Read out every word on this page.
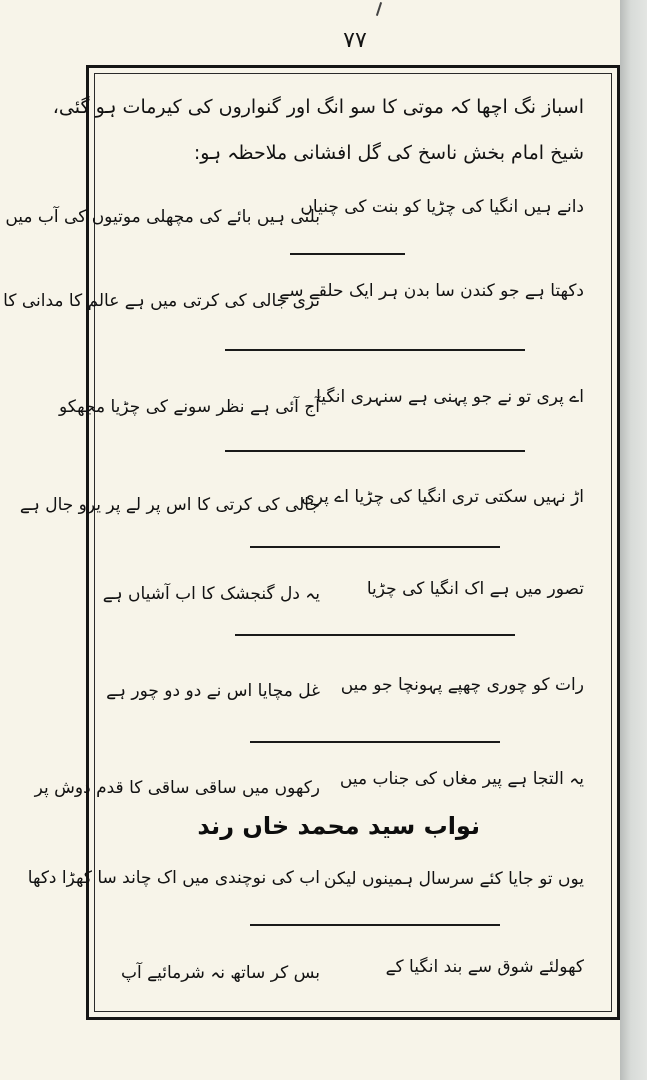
۷۷
اسباز نگ اچھا کہ موتی کا سو انگ اور گنواروں کی کیرمات ہو گئی،
شیخ امام بخش ناسخ کی گل افشانی ملاحظہ ہو:
دانے ہیں انگیا کی چڑیا کو بنت کی چنیاں
بلتی ہیں بائے کی مچھلی موتیوں کی آب میں
دکھتا ہے جو کندن سا بدن ہر ایک حلقے سے
تری جالی کی کرتی میں ہے عالم کا مدانی کا
اے پری تو نے جو پہنی ہے سنہری انگیا
آج آئی ہے نظر سونے کی چڑیا مجھکو
اڑ نہیں سکتی تری انگیا کی چڑیا اے پری
جالی کی کرتی کا اس پر لے پر یرو جال ہے
تصور میں ہے اک انگیا کی چڑیا
یہ دل گنجشک کا اب آشیاں ہے
رات کو چوری چھپے پہونچا جو میں
غل مچایا اس نے دو دو چور ہے
یہ التجا ہے پیر مغاں کی جناب میں
رکھوں میں ساقی ساقی کا قدم دوش پر
نواب سید محمد خاں رند
یوں تو جایا کئے سرسال ہمینوں لیکن
اب کی نوچندی میں اک چاند سا کھڑا دکھا
کھولئے شوق سے بند انگیا کے
بس کر ساتھ نہ شرمائیے آپ
